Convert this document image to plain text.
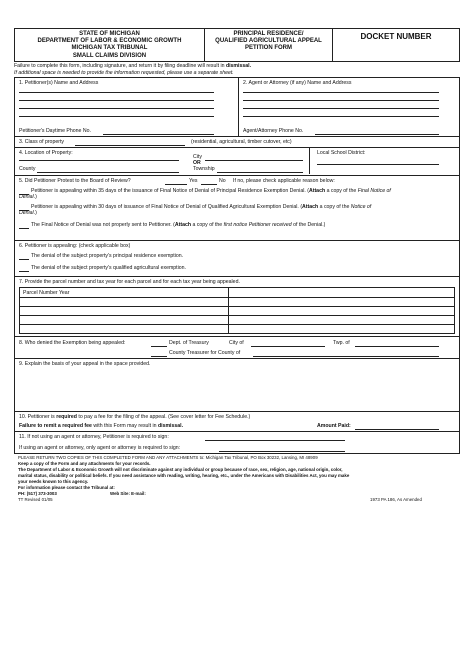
STATE OF MICHIGAN
DEPARTMENT OF LABOR & ECONOMIC GROWTH
MICHIGAN TAX TRIBUNAL
SMALL CLAIMS DIVISION
PRINCIPAL RESIDENCE/
QUALIFIED AGRICULTURAL APPEAL
PETITION FORM
DOCKET NUMBER
Failure to complete this form, including signature, and return it by filing deadline will result in dismissal.
If additional space is needed to provide the information requested, please use a separate sheet.
1. Petitioner(s) Name and Address
Petitioner's Daytime Phone No.
2. Agent or Attorney (if any) Name and Address
Agent/Attorney Phone No.
3. Class of property	(residential, agricultural, timber cutover, etc)
4. Location of Property:
County
City
OR
Township
Local School District:
5. Did Petitioner Protest to the Board of Review?	Yes	No If no, please check applicable reason below:
Petitioner is appealing within 35 days of the issuance of Final Notice of Denial of Principal Residence Exemption Denial. (Attach a copy of the Final Notice of
Denial.)
Petitioner is appealing within 30 days of issuance of Final Notice of Denial of Qualified Agricultural Exemption Denial. (Attach a copy of the Notice of
Denial.)
The Final Notice of Denial was not properly sent to Petitioner. (Attach a copy of the first notice Petitioner received of the Denial.)
6. Petitioner is appealing: (check applicable box)
The denial of the subject property's principal residence exemption.
The denial of the subject property's qualified agricultural exemption.
7. Provide the parcel number and tax year for each parcel and for each tax year being appealed.
Parcel Number Year
8. Who denied the Exemption being appealed:	Dept. of Treasury	City of	Twp. of
County Treasurer for County of
9. Explain the basis of your appeal in the space provided.
10. Petitioner is required to pay a fee for the filing of the appeal. (See cover letter for Fee Schedule.)
Failure to remit a required fee with this Form may result in dismissal.	Amount Paid:
11. If not using an agent or attorney, Petitioner is required to sign:
If using an agent or attorney, only agent or attorney is required to sign:
PLEASE RETURN TWO COPIES OF THIS COMPLETED FORM AND ANY ATTACHMENTS to: Michigan Tax Tribunal, PO Box 30232, Lansing, MI 48909
Keep a copy of the Form and any attachments for your records.
The Department of Labor & Economic Growth will not discriminate against any individual or group because of race, sex, religion, age, national origin, color,
marital status, disability or political beliefs. If you need assistance with reading, writing, hearing, etc., under the Americans with Disabilities Act, you may make
your needs known to this agency.
For information please contact the Tribunal at:
PH: (517) 373-3003	Web Site: E-mail:
TT Revised 01/05	1973 PA 186, As Amended
